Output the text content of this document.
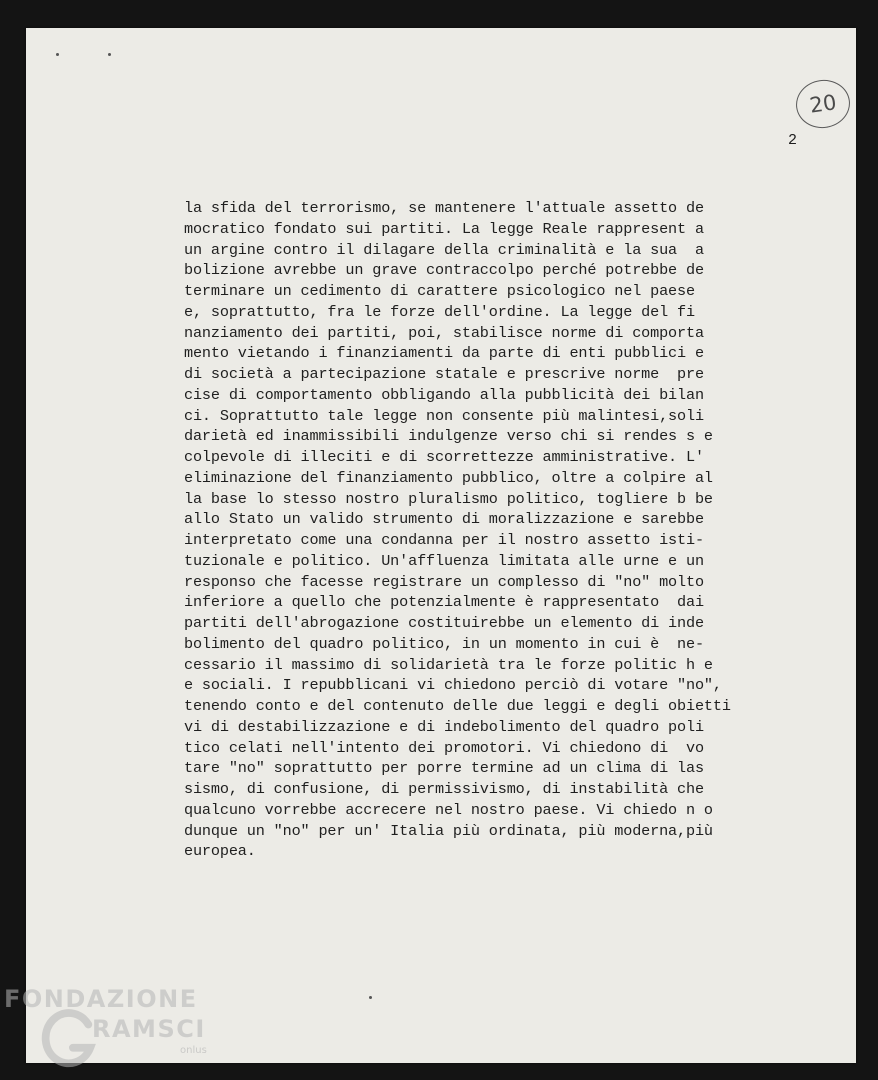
20
2
la sfida del terrorismo, se mantenere l'attuale assetto de
mocratico fondato sui partiti. La legge Reale rappresent a
un argine contro il dilagare della criminalità e la sua  a
bolizione avrebbe un grave contraccolpo perché potrebbe de
terminare un cedimento di carattere psicologico nel paese
e, soprattutto, fra le forze dell'ordine. La legge del fi
nanziamento dei partiti, poi, stabilisce norme di comporta
mento vietando i finanziamenti da parte di enti pubblici e
di società a partecipazione statale e prescrive norme  pre
cise di comportamento obbligando alla pubblicità dei bilan
ci. Soprattutto tale legge non consente più malintesi,soli
darietà ed inammissibili indulgenze verso chi si rendes s e
colpevole di illeciti e di scorrettezze amministrative. L'
eliminazione del finanziamento pubblico, oltre a colpire al
la base lo stesso nostro pluralismo politico, togliere b be
allo Stato un valido strumento di moralizzazione e sarebbe
interpretato come una condanna per il nostro assetto isti-
tuzionale e politico. Un'affluenza limitata alle urne e un
responso che facesse registrare un complesso di "no" molto
inferiore a quello che potenzialmente è rappresentato  dai
partiti dell'abrogazione costituirebbe un elemento di inde
bolimento del quadro politico, in un momento in cui è  ne-
cessario il massimo di solidarietà tra le forze politic h e
e sociali. I repubblicani vi chiedono perciò di votare "no",
tenendo conto e del contenuto delle due leggi e degli obietti
vi di destabilizzazione e di indebolimento del quadro poli
tico celati nell'intento dei promotori. Vi chiedono di  vo
tare "no" soprattutto per porre termine ad un clima di las
sismo, di confusione, di permissivismo, di instabilità che
qualcuno vorrebbe accrecere nel nostro paese. Vi chiedo n o
dunque un "no" per un' Italia più ordinata, più moderna,più
europea.
FONDAZIONE
RAMSCI
onlus
